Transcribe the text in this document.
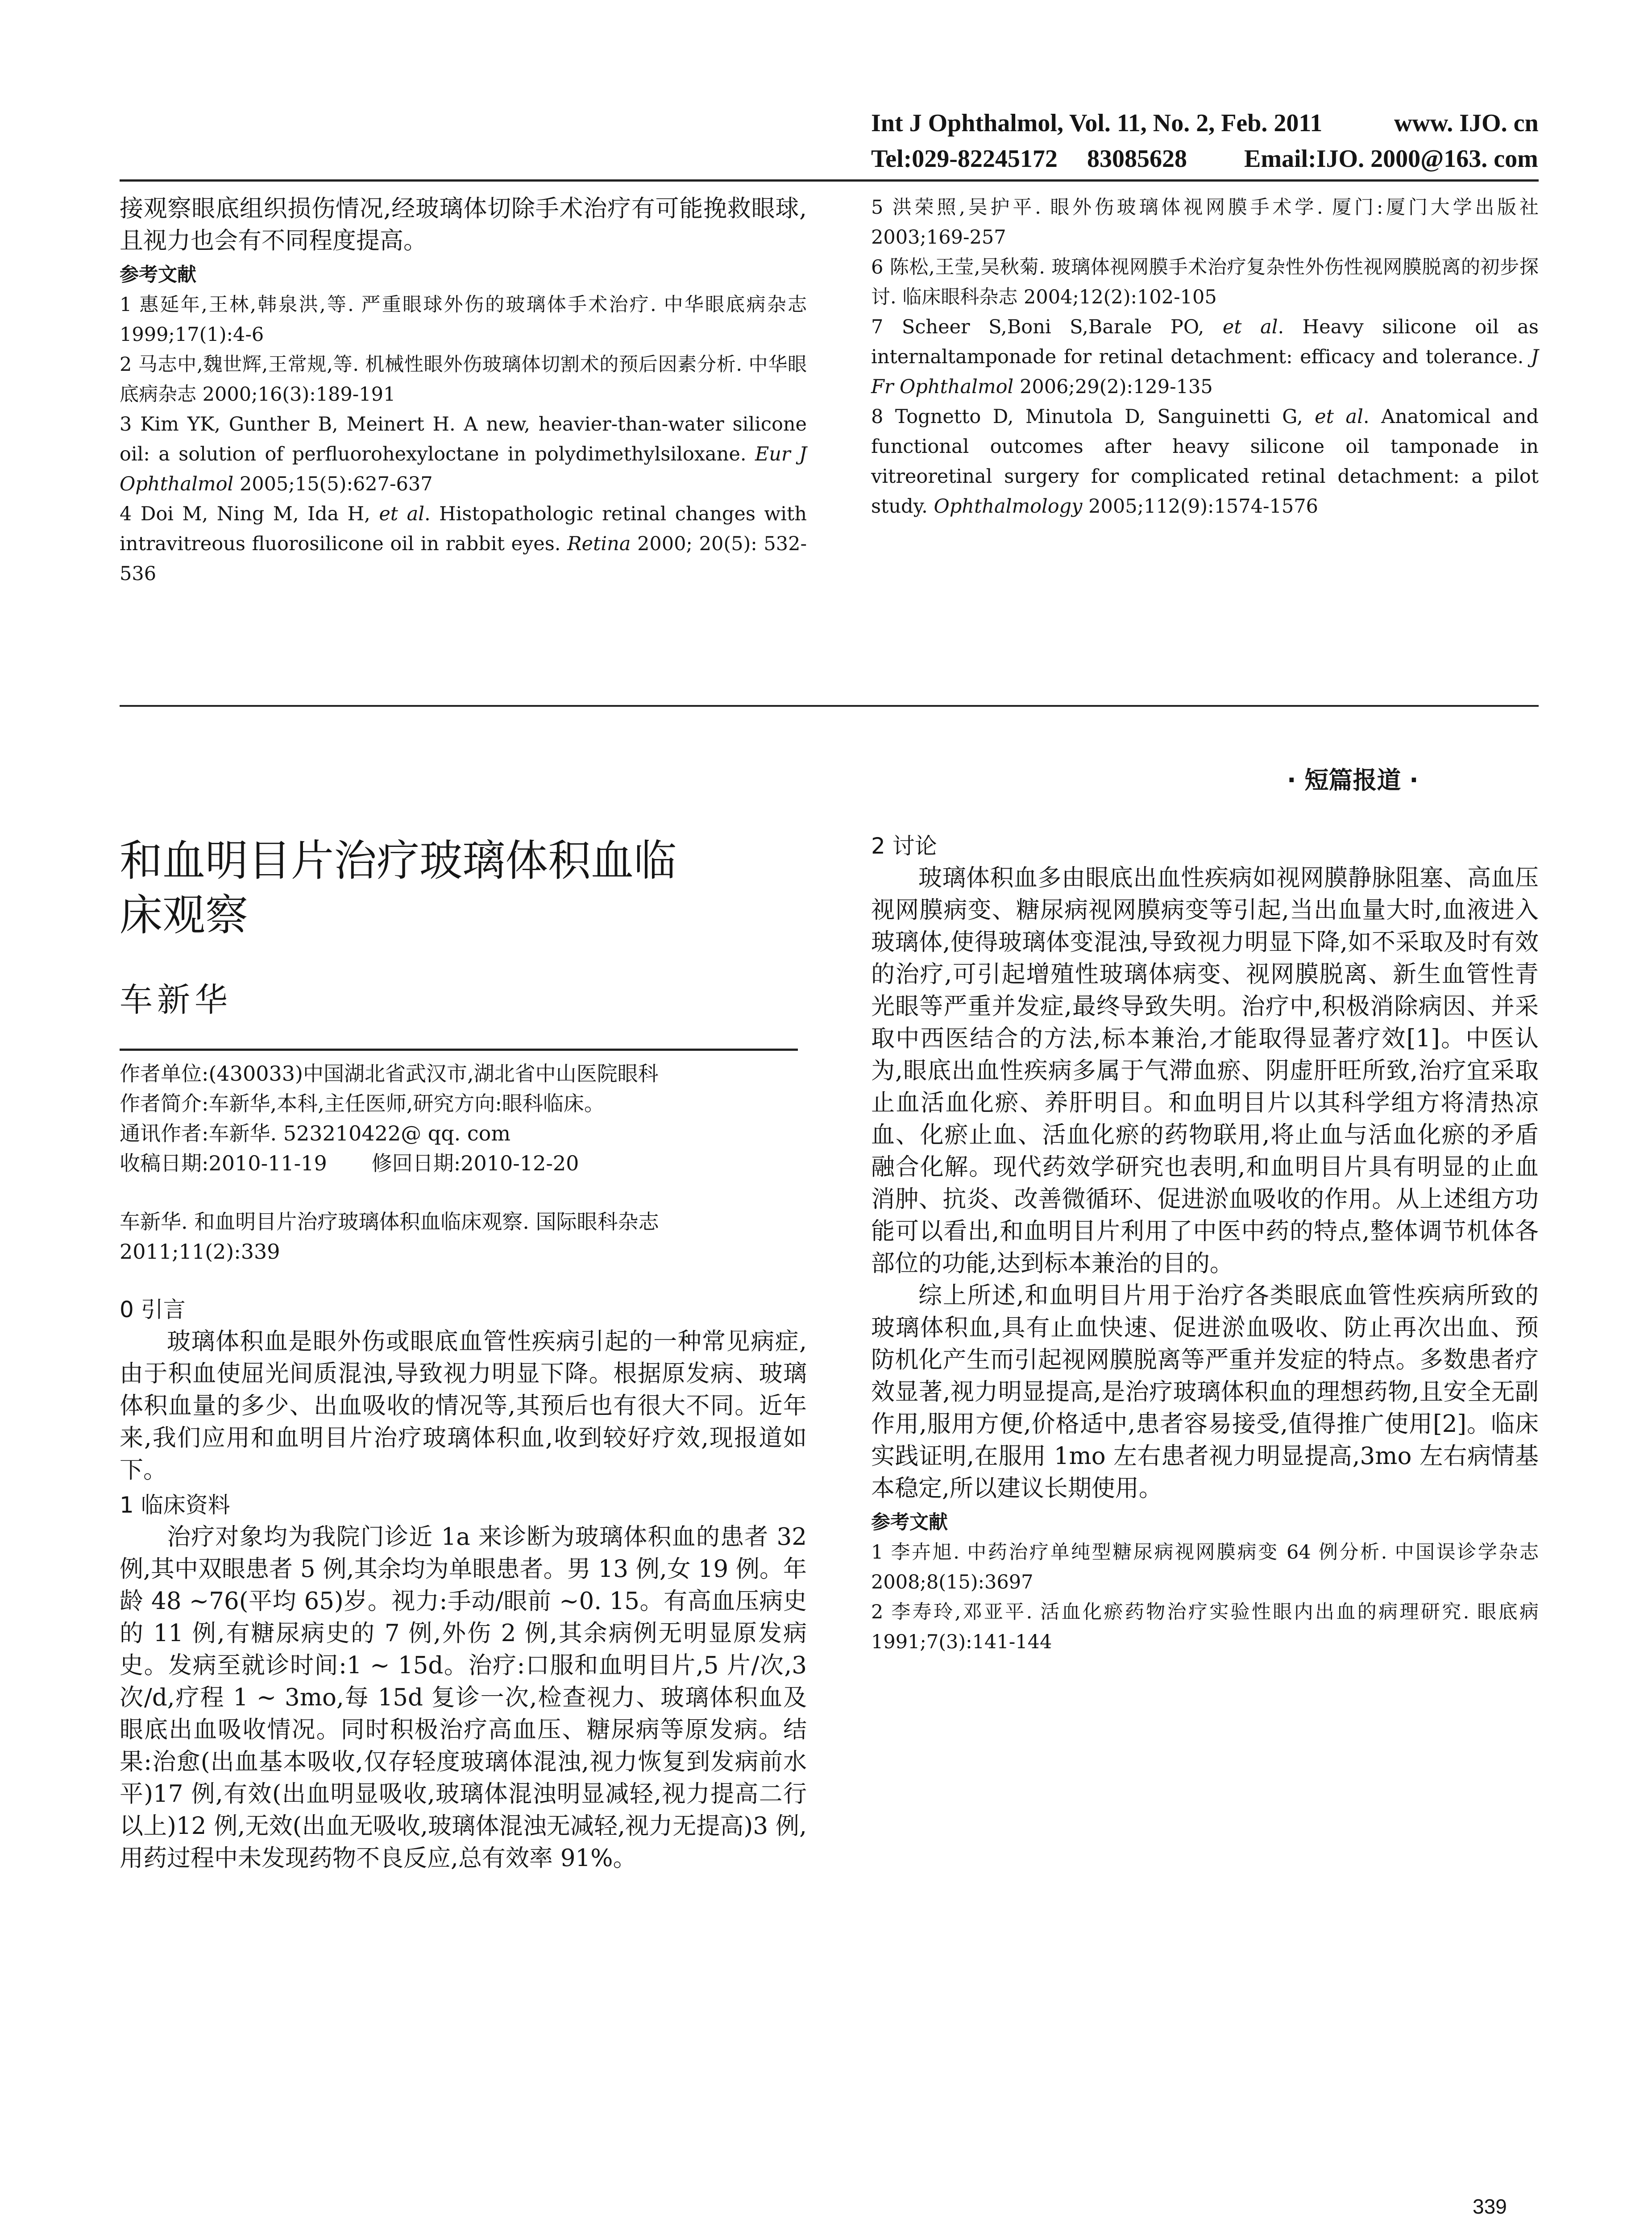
Int J Ophthalmol, Vol. 11, No. 2, Feb. 2011	www. IJO. cn
Tel:029-82245172 83085628 Email:IJO. 2000@163. com

接观察眼底组织损伤情况,经玻璃体切除手术治疗有可能挽救眼球,且视力也会有不同程度提高。

参考文献

1 惠延年,王林,韩泉洪,等. 严重眼球外伤的玻璃体手术治疗. 中华眼底病杂志 1999;17(1):4-6

2 马志中,魏世辉,王常规,等. 机械性眼外伤玻璃体切割术的预后因素分析. 中华眼底病杂志 2000;16(3):189-191

3 Kim YK, Gunther B, Meinert H. A new, heavier-than-water silicone oil: a solution of perfluorohexyloctane in polydimethylsiloxane. Eur J Ophthalmol 2005;15(5):627-637

4 Doi M, Ning M, Ida H, et al. Histopathologic retinal changes with intravitreous fluorosilicone oil in rabbit eyes. Retina 2000; 20(5): 532-536

5 洪荣照,吴护平. 眼外伤玻璃体视网膜手术学. 厦门:厦门大学出版社 2003;169-257

6 陈松,王莹,吴秋菊. 玻璃体视网膜手术治疗复杂性外伤性视网膜脱离的初步探讨. 临床眼科杂志 2004;12(2):102-105

7 Scheer S,Boni S,Barale PO, et al. Heavy silicone oil as internaltamponade for retinal detachment: efficacy and tolerance. J Fr Ophthalmol 2006;29(2):129-135

8 Tognetto D, Minutola D, Sanguinetti G, et al. Anatomical and functional outcomes after heavy silicone oil tamponade in vitreoretinal surgery for complicated retinal detachment: a pilot study. Ophthalmology 2005;112(9):1574-1576

· 短篇报道 ·
和血明目片治疗玻璃体积血临
床观察

车新华

作者单位:(430033)中国湖北省武汉市,湖北省中山医院眼科

作者简介:车新华,本科,主任医师,研究方向:眼科临床。

通讯作者:车新华. 523210422@ qq. com

收稿日期:2010-11-19 修回日期:2010-12-20

车新华. 和血明目片治疗玻璃体积血临床观察. 国际眼科杂志 2011;11(2):339

0 引言

玻璃体积血是眼外伤或眼底血管性疾病引起的一种常见病症,由于积血使屈光间质混浊,导致视力明显下降。根据原发病、玻璃体积血量的多少、出血吸收的情况等,其预后也有很大不同。近年来,我们应用和血明目片治疗玻璃体积血,收到较好疗效,现报道如下。

1 临床资料

治疗对象均为我院门诊近 1a 来诊断为玻璃体积血的患者 32 例,其中双眼患者 5 例,其余均为单眼患者。男 13 例,女 19 例。年龄 48 ~76(平均 65)岁。视力:手动/眼前 ~0. 15。有高血压病史的 11 例,有糖尿病史的 7 例,外伤 2 例,其余病例无明显原发病史。发病至就诊时间:1 ~ 15d。治疗:口服和血明目片,5 片/次,3 次/d,疗程 1 ~ 3mo,每 15d 复诊一次,检查视力、玻璃体积血及眼底出血吸收情况。同时积极治疗高血压、糖尿病等原发病。结果:治愈(出血基本吸收,仅存轻度玻璃体混浊,视力恢复到发病前水平)17 例,有效(出血明显吸收,玻璃体混浊明显减轻,视力提高二行以上)12 例,无效(出血无吸收,玻璃体混浊无减轻,视力无提高)3 例,用药过程中未发现药物不良反应,总有效率 91%。

2 讨论

玻璃体积血多由眼底出血性疾病如视网膜静脉阻塞、高血压视网膜病变、糖尿病视网膜病变等引起,当出血量大时,血液进入玻璃体,使得玻璃体变混浊,导致视力明显下降,如不采取及时有效的治疗,可引起增殖性玻璃体病变、视网膜脱离、新生血管性青光眼等严重并发症,最终导致失明。治疗中,积极消除病因、并采取中西医结合的方法,标本兼治,才能取得显著疗效[1]。中医认为,眼底出血性疾病多属于气滞血瘀、阴虚肝旺所致,治疗宜采取止血活血化瘀、养肝明目。和血明目片以其科学组方将清热凉血、化瘀止血、活血化瘀的药物联用,将止血与活血化瘀的矛盾融合化解。现代药效学研究也表明,和血明目片具有明显的止血消肿、抗炎、改善微循环、促进淤血吸收的作用。从上述组方功能可以看出,和血明目片利用了中医中药的特点,整体调节机体各部位的功能,达到标本兼治的目的。

综上所述,和血明目片用于治疗各类眼底血管性疾病所致的玻璃体积血,具有止血快速、促进淤血吸收、防止再次出血、预防机化产生而引起视网膜脱离等严重并发症的特点。多数患者疗效显著,视力明显提高,是治疗玻璃体积血的理想药物,且安全无副作用,服用方便,价格适中,患者容易接受,值得推广使用[2]。临床实践证明,在服用 1mo 左右患者视力明显提高,3mo 左右病情基本稳定,所以建议长期使用。

参考文献

1 李卉旭. 中药治疗单纯型糖尿病视网膜病变 64 例分析. 中国误诊学杂志 2008;8(15):3697

2 李寿玲,邓亚平. 活血化瘀药物治疗实验性眼内出血的病理研究. 眼底病 1991;7(3):141-144

339
